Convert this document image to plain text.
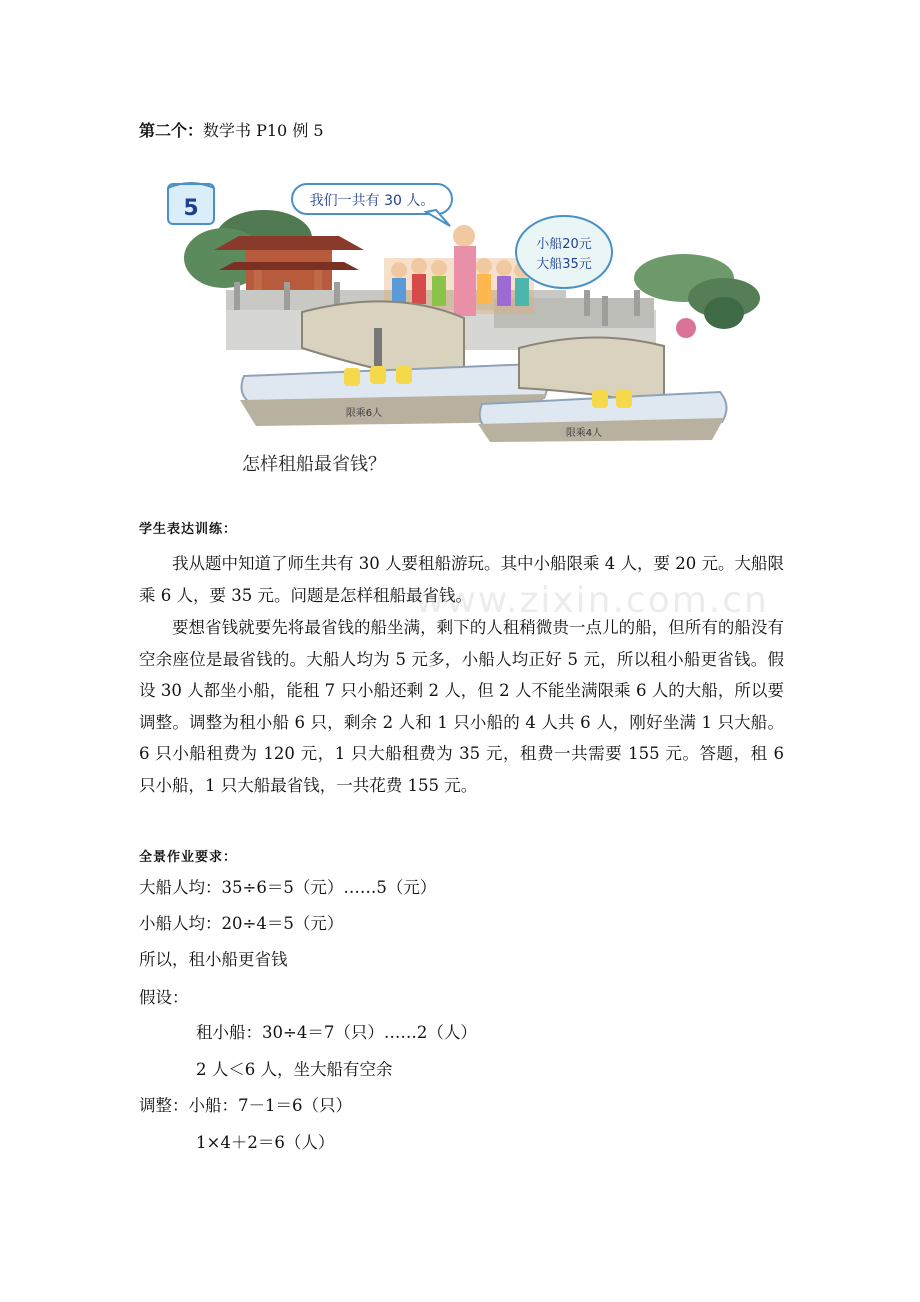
第二个：数学书 P10 例 5
5	我们一共有 30 人。
小船20元
大船35元
限乘6人
限乘4人
怎样租船最省钱？
www.zixin.com.cn
学生表达训练：

我从题中知道了师生共有 30 人要租船游玩。其中小船限乘 4 人，要 20 元。大船限乘 6 人，要 35 元。问题是怎样租船最省钱。

要想省钱就要先将最省钱的船坐满，剩下的人租稍微贵一点儿的船，但所有的船没有空余座位是最省钱的。大船人均为 5 元多，小船人均正好 5 元，所以租小船更省钱。假设 30 人都坐小船，能租 7 只小船还剩 2 人，但 2 人不能坐满限乘 6 人的大船，所以要调整。调整为租小船 6 只，剩余 2 人和 1 只小船的 4 人共 6 人，刚好坐满 1 只大船。6 只小船租费为 120 元，1 只大船租费为 35 元，租费一共需要 155 元。答题，租 6 只小船，1 只大船最省钱，一共花费 155 元。

全景作业要求：
大船人均：35÷6＝5（元）……5（元）
小船人均：20÷4＝5（元）
所以，租小船更省钱
假设：
租小船：30÷4＝7（只）……2（人）
2 人＜6 人，坐大船有空余
调整：小船：7－1＝6（只）
1×4＋2＝6（人）
